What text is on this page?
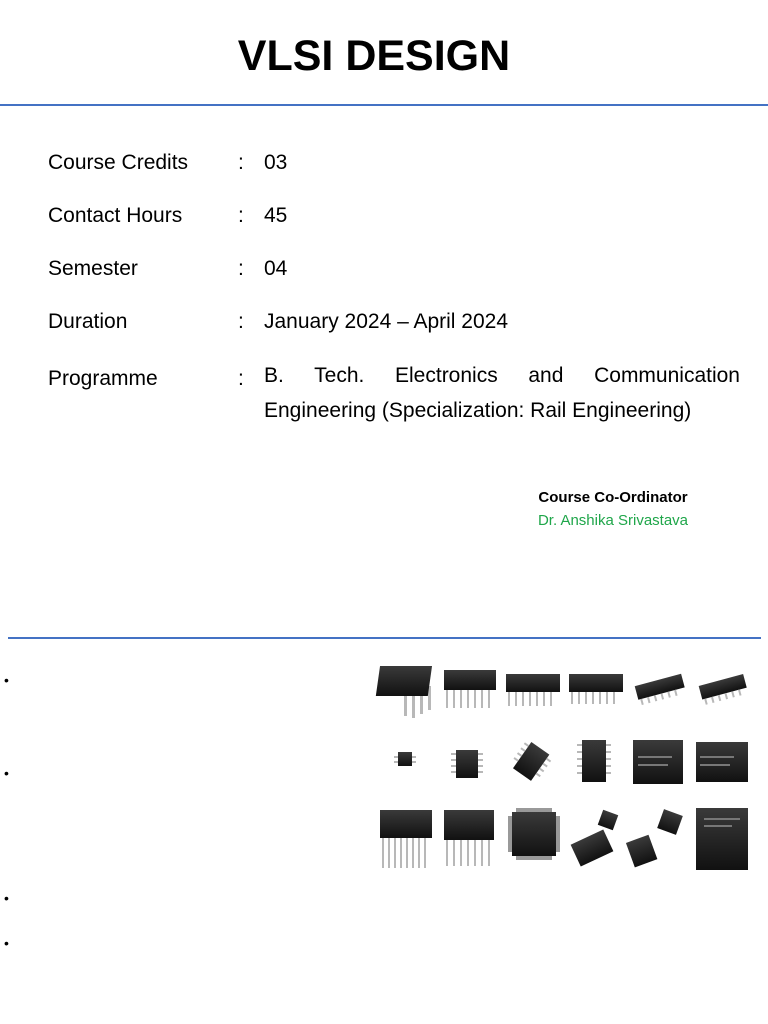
VLSI DESIGN
Course Credits	: 03
Contact Hours	: 45
Semester	: 04
Duration	: January 2024 – April 2024
Programme	: B. Tech. Electronics and Communication Engineering (Specialization: Rail Engineering)
Course Co-Ordinator
Dr. Anshika Srivastava
•
•
•
•
